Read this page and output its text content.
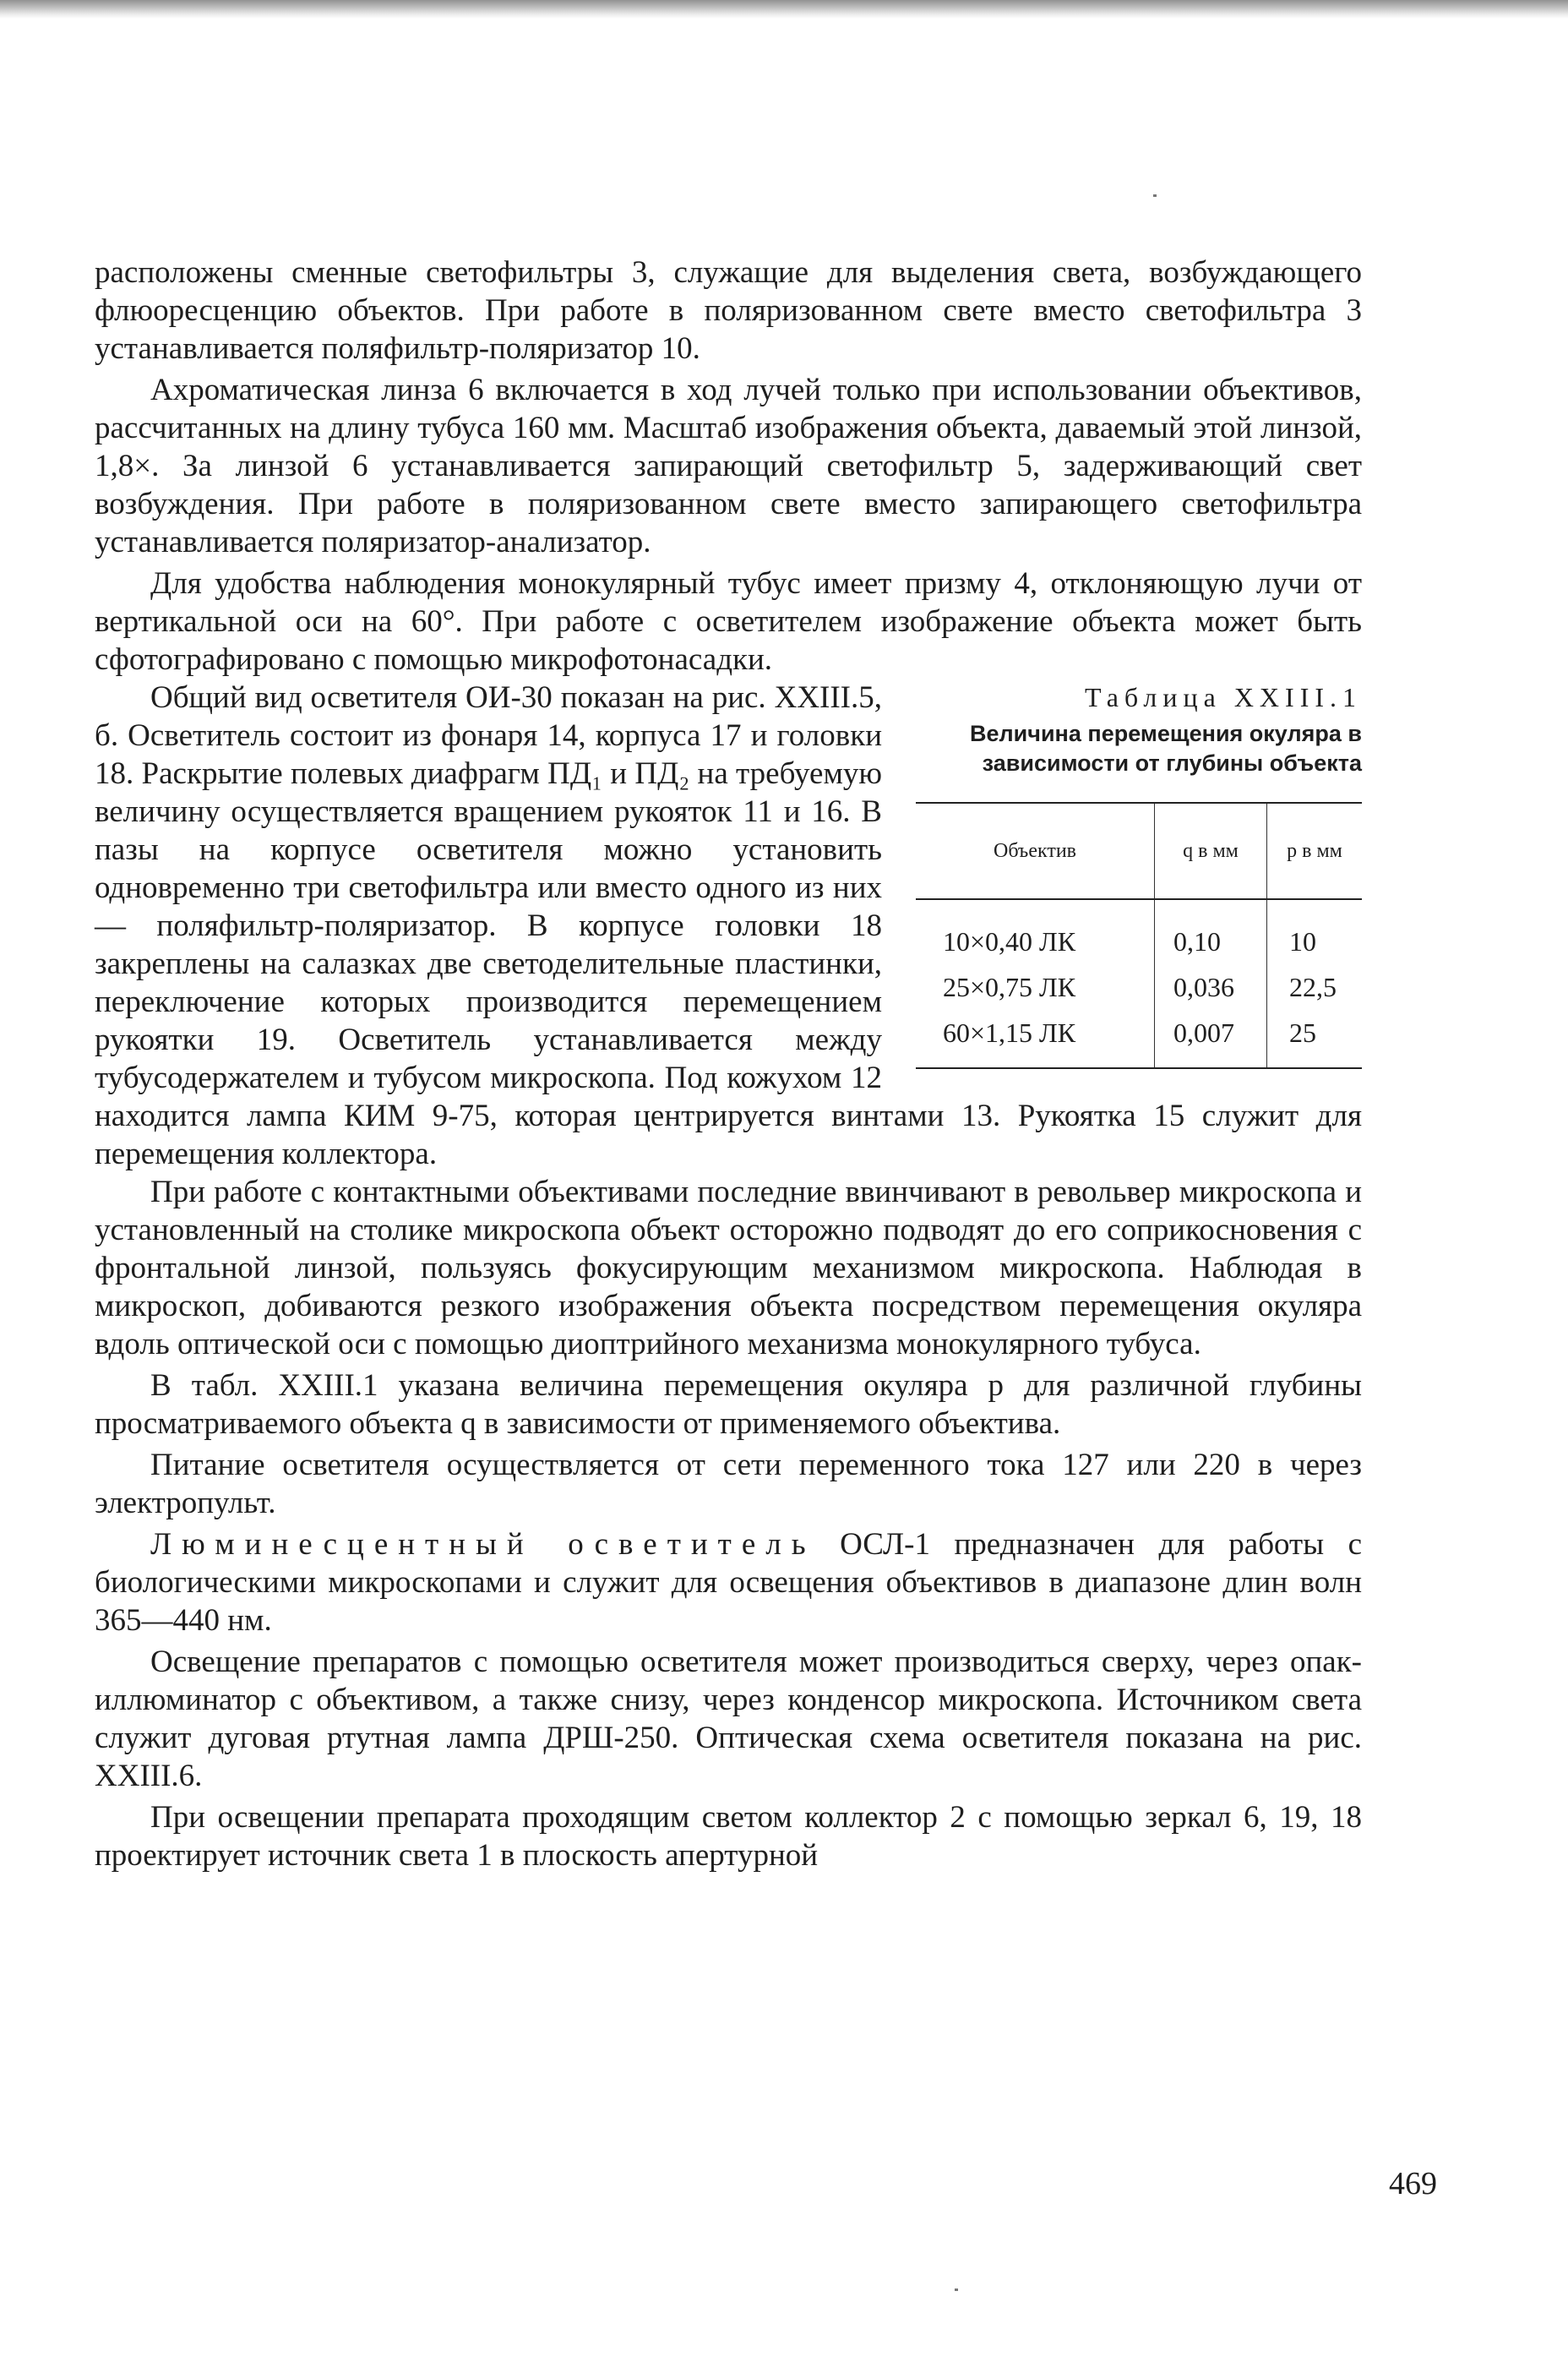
расположены сменные светофильтры 3, служащие для выделения света, возбуждающего флюоресценцию объектов. При работе в поляризованном свете вместо светофильтра 3 устанавливается поляфильтр-поляризатор 10.

Ахроматическая линза 6 включается в ход лучей только при использовании объективов, рассчитанных на длину тубуса 160 мм. Масштаб изображения объекта, даваемый этой линзой, 1,8×. За линзой 6 устанавливается запирающий светофильтр 5, задерживающий свет возбуждения. При работе в поляризованном свете вместо запирающего светофильтра устанавливается поляризатор-анализатор.

Для удобства наблюдения монокулярный тубус имеет призму 4, отклоняющую лучи от вертикальной оси на 60°. При работе с осветителем изображение объекта может быть сфотографировано с помощью микрофотонасадки.

Таблица XXIII.1
Величина перемещения окуляра в зависимости от глубины объекта
Объектив	q в мм	p в мм
10×0,40 ЛК	0,10	10
25×0,75 ЛК	0,036	22,5
60×1,15 ЛК	0,007	25

Общий вид осветителя ОИ-30 показан на рис. XXIII.5, б. Осветитель состоит из фонаря 14, корпуса 17 и головки 18. Раскрытие полевых диафрагм ПД₁ и ПД₂ на требуемую величину осуществляется вращением рукояток 11 и 16. В пазы на корпусе осветителя можно установить одновременно три светофильтра или вместо одного из них — поляфильтр-поляризатор. В корпусе головки 18 закреплены на салазках две светоделительные пластинки, переключение которых производится перемещением рукоятки 19. Осветитель устанавливается между тубусодержателем и тубусом микроскопа. Под кожухом 12 находится лампа КИМ 9-75, которая центрируется винтами 13. Рукоятка 15 служит для перемещения коллектора.

При работе с контактными объективами последние ввинчивают в револьвер микроскопа и установленный на столике микроскопа объект осторожно подводят до его соприкосновения с фронтальной линзой, пользуясь фокусирующим механизмом микроскопа. Наблюдая в микроскоп, добиваются резкого изображения объекта посредством перемещения окуляра вдоль оптической оси с помощью диоптрийного механизма монокулярного тубуса.

В табл. XXIII.1 указана величина перемещения окуляра p для различной глубины просматриваемого объекта q в зависимости от применяемого объектива.

Питание осветителя осуществляется от сети переменного тока 127 или 220 в через электропульт.

Люминесцентный осветитель ОСЛ-1 предназначен для работы с биологическими микроскопами и служит для освещения объективов в диапазоне длин волн 365—440 нм.

Освещение препаратов с помощью осветителя может производиться сверху, через опак-иллюминатор с объективом, а также снизу, через конденсор микроскопа. Источником света служит дуговая ртутная лампа ДРШ-250. Оптическая схема осветителя показана на рис. XXIII.6.

При освещении препарата проходящим светом коллектор 2 с помощью зеркал 6, 19, 18 проектирует источник света 1 в плоскость апертурной

469
